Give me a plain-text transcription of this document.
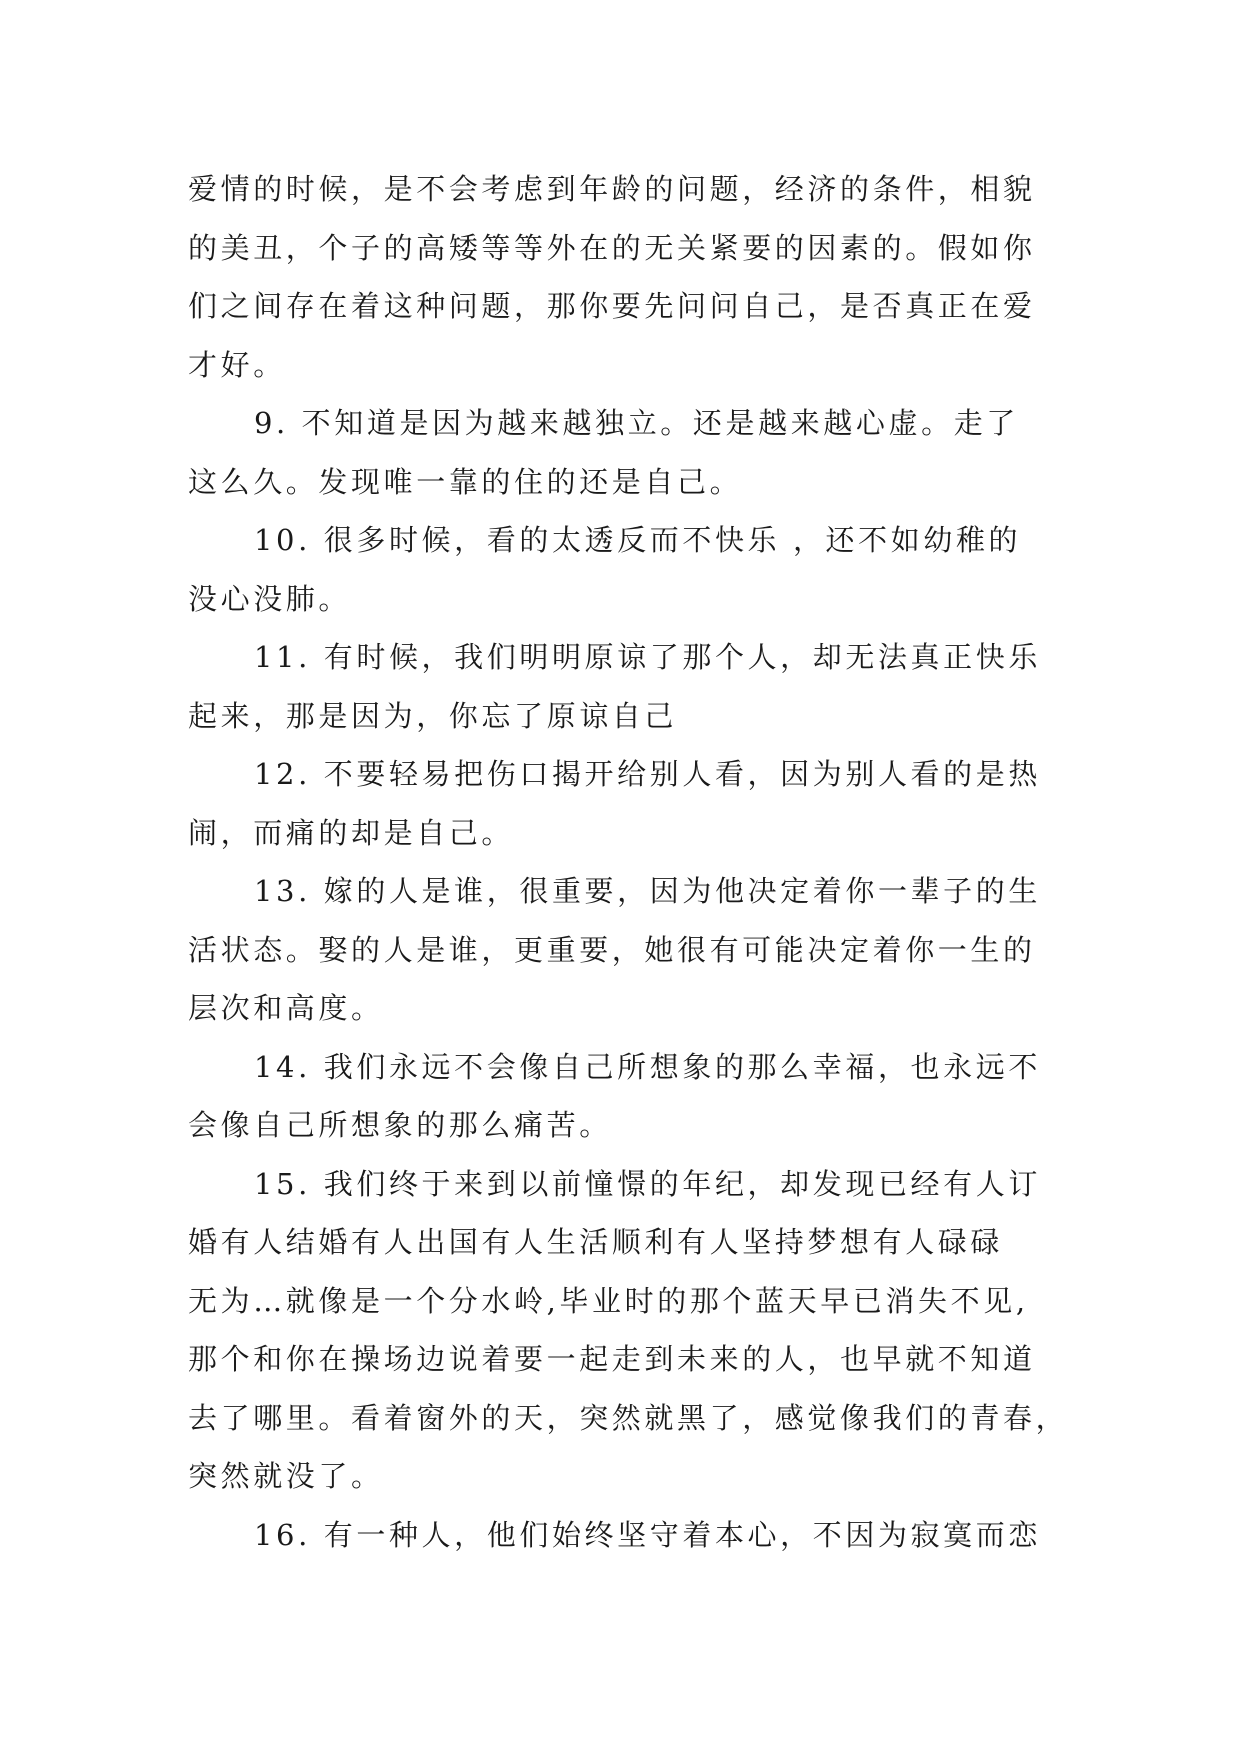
爱情的时候，是不会考虑到年龄的问题，经济的条件，相貌
的美丑，个子的高矮等等外在的无关紧要的因素的。假如你
们之间存在着这种问题，那你要先问问自己，是否真正在爱
才好。
9. 不知道是因为越来越独立。还是越来越心虚。走了
这么久。发现唯一靠的住的还是自己。
10. 很多时候，看的太透反而不快乐 ，还不如幼稚的
没心没肺。
11. 有时候，我们明明原谅了那个人，却无法真正快乐
起来，那是因为，你忘了原谅自己
12. 不要轻易把伤口揭开给别人看，因为别人看的是热
闹，而痛的却是自己。
13. 嫁的人是谁，很重要，因为他决定着你一辈子的生
活状态。娶的人是谁，更重要，她很有可能决定着你一生的
层次和高度。
14. 我们永远不会像自己所想象的那么幸福，也永远不
会像自己所想象的那么痛苦。
15. 我们终于来到以前憧憬的年纪，却发现已经有人订
婚有人结婚有人出国有人生活顺利有人坚持梦想有人碌碌
无为…就像是一个分水岭,毕业时的那个蓝天早已消失不见,
那个和你在操场边说着要一起走到未来的人，也早就不知道
去了哪里。看着窗外的天，突然就黑了，感觉像我们的青春，
突然就没了。
16. 有一种人，他们始终坚守着本心，不因为寂寞而恋
